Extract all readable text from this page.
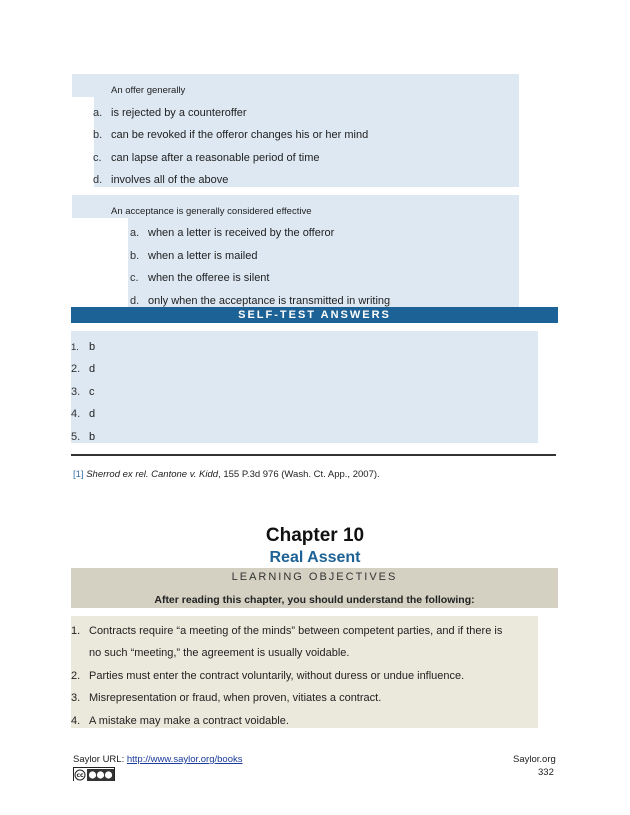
An offer generally
a. is rejected by a counteroffer
b. can be revoked if the offeror changes his or her mind
c. can lapse after a reasonable period of time
d. involves all of the above
An acceptance is generally considered effective
a. when a letter is received by the offeror
b. when a letter is mailed
c. when the offeree is silent
d. only when the acceptance is transmitted in writing
SELF-TEST ANSWERS
1. b
2. d
3. c
4. d
5. b
[1] Sherrod ex rel. Cantone v. Kidd, 155 P.3d 976 (Wash. Ct. App., 2007).
Chapter 10
Real Assent
LEARNING OBJECTIVES
After reading this chapter, you should understand the following:
1. Contracts require “a meeting of the minds” between competent parties, and if there is
no such “meeting,” the agreement is usually voidable.
2. Parties must enter the contract voluntarily, without duress or undue influence.
3. Misrepresentation or fraud, when proven, vitiates a contract.
4. A mistake may make a contract voidable.
Saylor URL: http://www.saylor.org/books	Saylor.org
332
cc
